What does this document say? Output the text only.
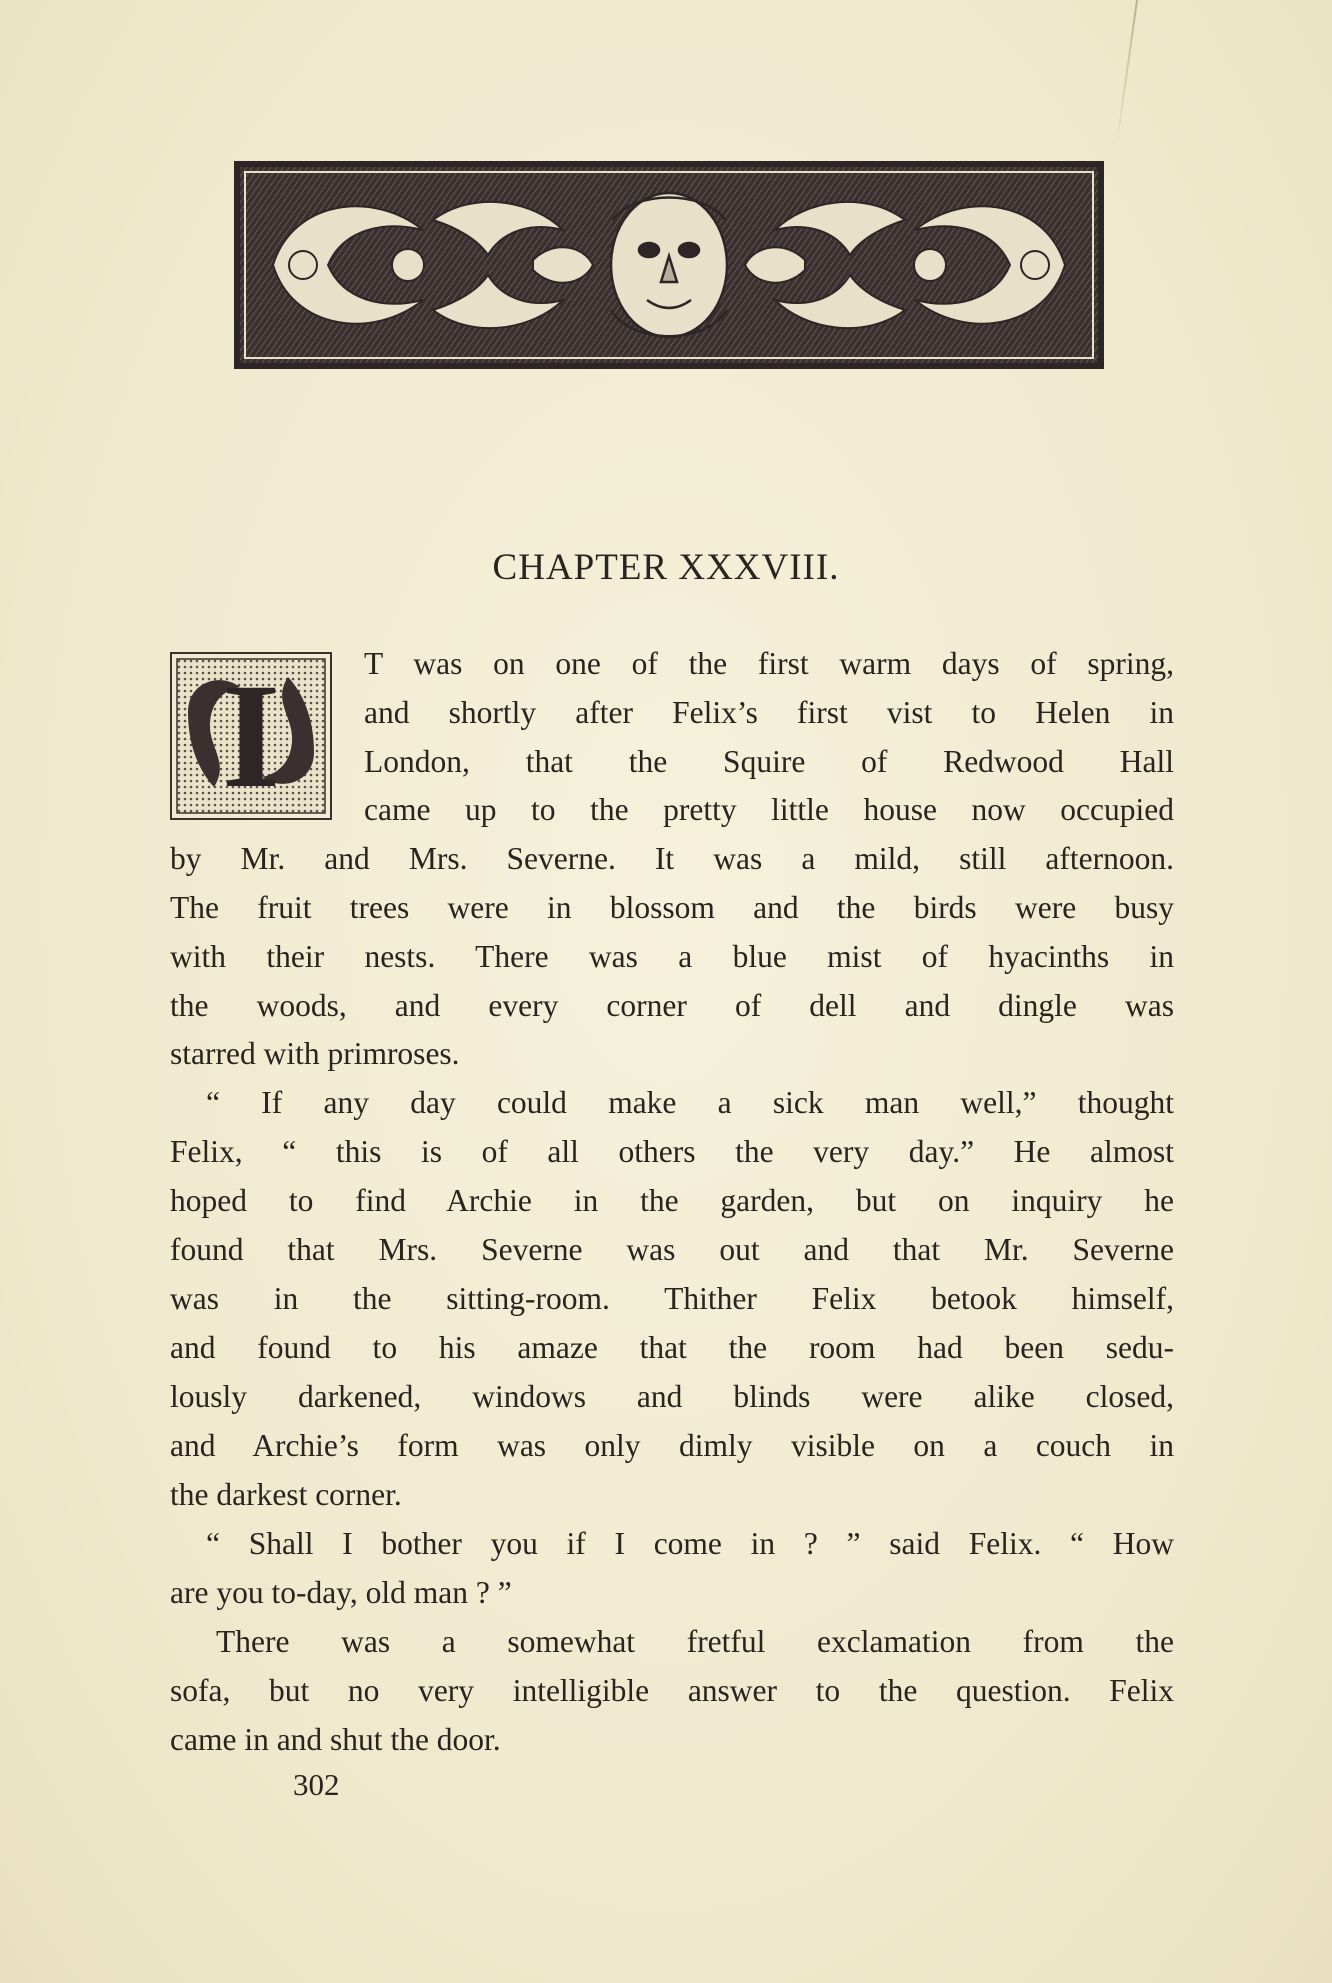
CHAPTER XXXVIII.
I	T was on one of the first warm days of spring,
and shortly after Felix’s first vist to Helen in
London, that the Squire of Redwood Hall
came up to the pretty little house now occupied
by Mr. and Mrs. Severne. It was a mild, still afternoon.
The fruit trees were in blossom and the birds were busy
with their nests. There was a blue mist of hyacinths in
the woods, and every corner of dell and dingle was
starred with primroses.
“ If any day could make a sick man well,” thought
Felix, “ this is of all others the very day.” He almost
hoped to find Archie in the garden, but on inquiry he
found that Mrs. Severne was out and that Mr. Severne
was in the sitting-room. Thither Felix betook himself,
and found to his amaze that the room had been sedu-
lously darkened, windows and blinds were alike closed,
and Archie’s form was only dimly visible on a couch in
the darkest corner.
“ Shall I bother you if I come in ? ” said Felix. “ How
are you to-day, old man ? ”
There was a somewhat fretful exclamation from the
sofa, but no very intelligible answer to the question. Felix
came in and shut the door.
302
